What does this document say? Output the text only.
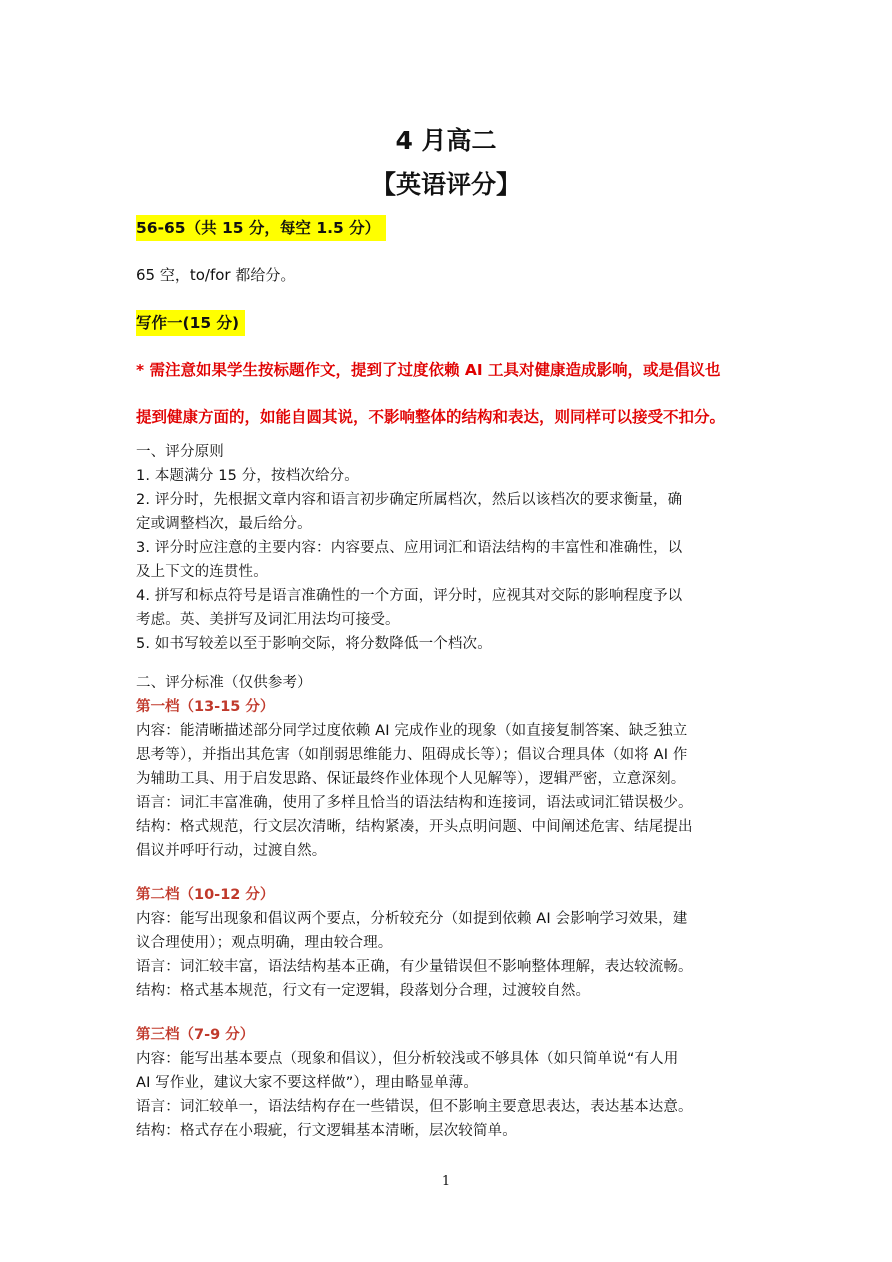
4 月高二
【英语评分】
56-65（共 15 分，每空 1.5 分）
65 空，to/for 都给分。
写作一(15 分)
* 需注意如果学生按标题作文，提到了过度依赖 AI 工具对健康造成影响，或是倡议也
提到健康方面的，如能自圆其说，不影响整体的结构和表达，则同样可以接受不扣分。
一、评分原则
1. 本题满分 15 分，按档次给分。
2. 评分时，先根据文章内容和语言初步确定所属档次，然后以该档次的要求衡量，确
定或调整档次，最后给分。
3. 评分时应注意的主要内容：内容要点、应用词汇和语法结构的丰富性和准确性，以
及上下文的连贯性。
4. 拼写和标点符号是语言准确性的一个方面，评分时，应视其对交际的影响程度予以
考虑。英、美拼写及词汇用法均可接受。
5. 如书写较差以至于影响交际，将分数降低一个档次。
二、评分标准（仅供参考）
第一档（13-15 分）
内容：能清晰描述部分同学过度依赖 AI 完成作业的现象（如直接复制答案、缺乏独立
思考等），并指出其危害（如削弱思维能力、阻碍成长等）；倡议合理具体（如将 AI 作
为辅助工具、用于启发思路、保证最终作业体现个人见解等），逻辑严密，立意深刻。
语言：词汇丰富准确，使用了多样且恰当的语法结构和连接词，语法或词汇错误极少。
结构：格式规范，行文层次清晰，结构紧凑，开头点明问题、中间阐述危害、结尾提出
倡议并呼吁行动，过渡自然。
第二档（10-12 分）
内容：能写出现象和倡议两个要点，分析较充分（如提到依赖 AI 会影响学习效果，建
议合理使用）；观点明确，理由较合理。
语言：词汇较丰富，语法结构基本正确，有少量错误但不影响整体理解，表达较流畅。
结构：格式基本规范，行文有一定逻辑，段落划分合理，过渡较自然。
第三档（7-9 分）
内容：能写出基本要点（现象和倡议），但分析较浅或不够具体（如只简单说“有人用
AI 写作业，建议大家不要这样做”），理由略显单薄。
语言：词汇较单一，语法结构存在一些错误，但不影响主要意思表达，表达基本达意。
结构：格式存在小瑕疵，行文逻辑基本清晰，层次较简单。
1
